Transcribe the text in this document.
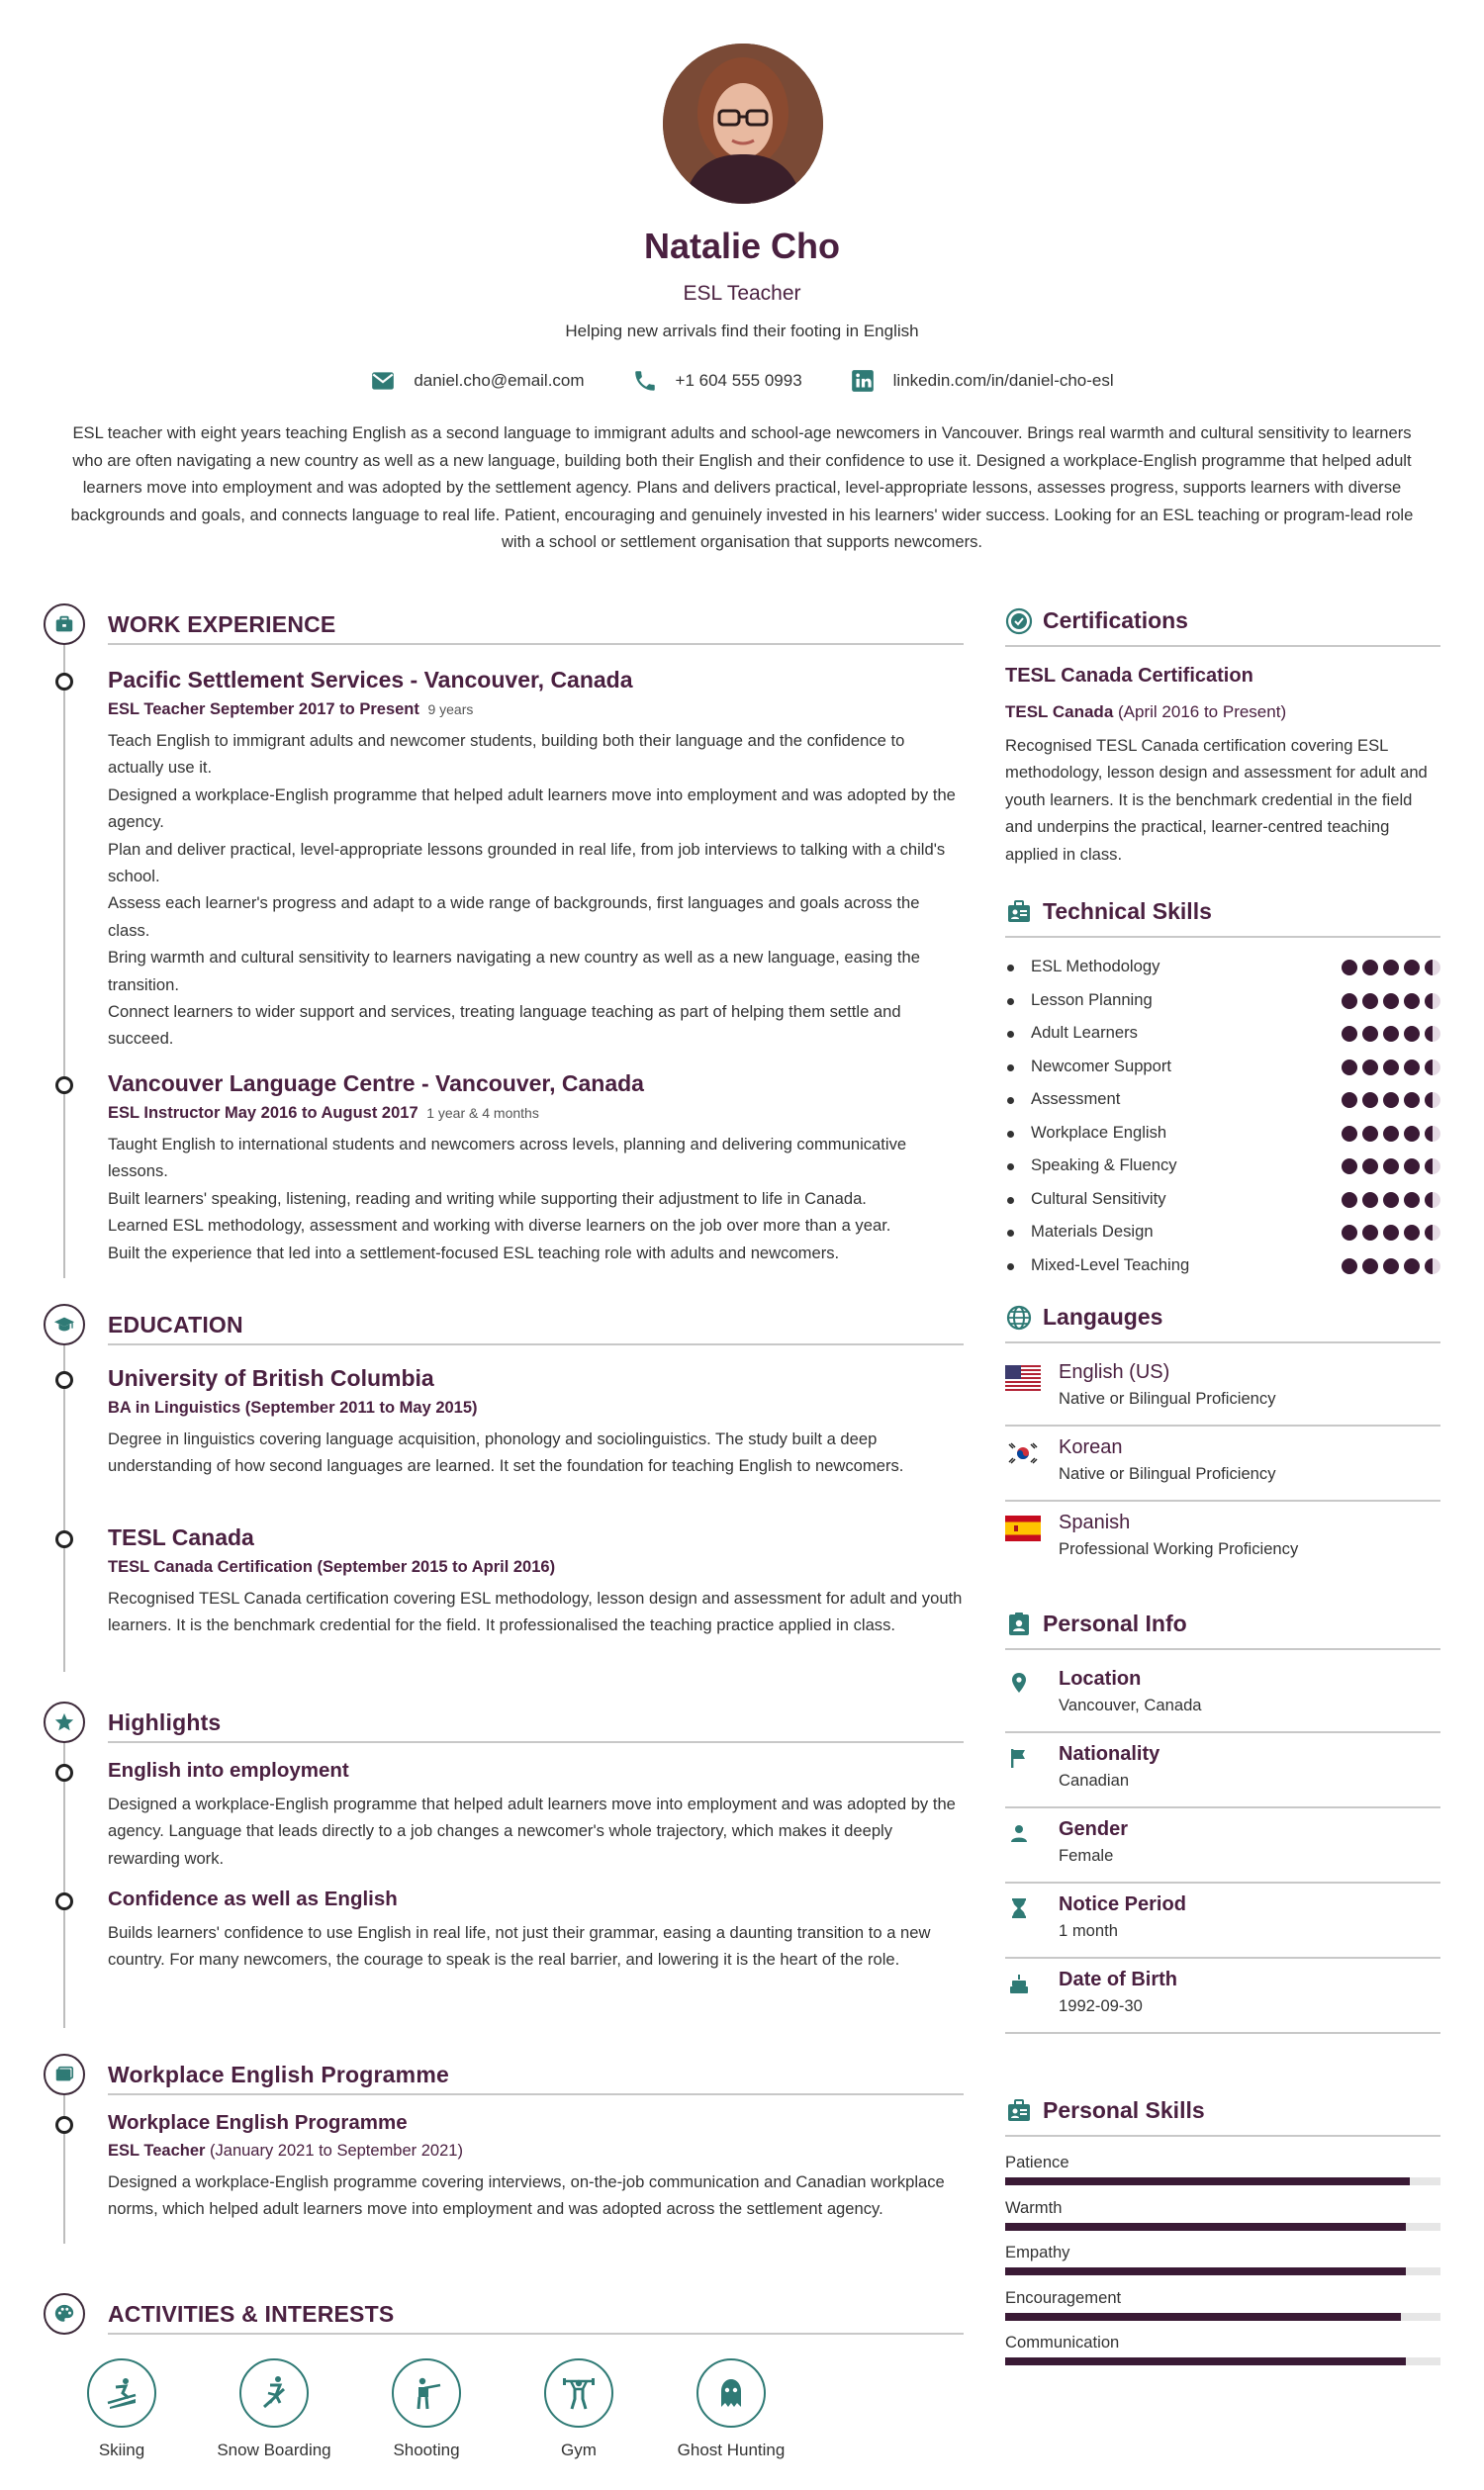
Natalie Cho
ESL Teacher
Helping new arrivals find their footing in English
daniel.cho@email.com	+1 604 555 0993	linkedin.com/in/daniel-cho-esl
ESL teacher with eight years teaching English as a second language to immigrant adults and school-age newcomers in Vancouver. Brings real warmth and cultural sensitivity to learners who are often navigating a new country as well as a new language, building both their English and their confidence to use it. Designed a workplace-English programme that helped adult learners move into employment and was adopted by the settlement agency. Plans and delivers practical, level-appropriate lessons, assesses progress, supports learners with diverse backgrounds and goals, and connects language to real life. Patient, encouraging and genuinely invested in his learners' wider success. Looking for an ESL teaching or program-lead role with a school or settlement organisation that supports newcomers.
WORK EXPERIENCE
Pacific Settlement Services - Vancouver, Canada
ESL Teacher September 2017 to Present 9 years
Teach English to immigrant adults and newcomer students, building both their language and the confidence to actually use it.
Designed a workplace-English programme that helped adult learners move into employment and was adopted by the agency.
Plan and deliver practical, level-appropriate lessons grounded in real life, from job interviews to talking with a child's school.
Assess each learner's progress and adapt to a wide range of backgrounds, first languages and goals across the class.
Bring warmth and cultural sensitivity to learners navigating a new country as well as a new language, easing the transition.
Connect learners to wider support and services, treating language teaching as part of helping them settle and succeed.
Vancouver Language Centre - Vancouver, Canada
ESL Instructor May 2016 to August 2017 1 year & 4 months
Taught English to international students and newcomers across levels, planning and delivering communicative lessons.
Built learners' speaking, listening, reading and writing while supporting their adjustment to life in Canada.
Learned ESL methodology, assessment and working with diverse learners on the job over more than a year.
Built the experience that led into a settlement-focused ESL teaching role with adults and newcomers.
EDUCATION
University of British Columbia
BA in Linguistics (September 2011 to May 2015)
Degree in linguistics covering language acquisition, phonology and sociolinguistics. The study built a deep understanding of how second languages are learned. It set the foundation for teaching English to newcomers.
TESL Canada
TESL Canada Certification (September 2015 to April 2016)
Recognised TESL Canada certification covering ESL methodology, lesson design and assessment for adult and youth learners. It is the benchmark credential for the field. It professionalised the teaching practice applied in class.
Highlights
English into employment
Designed a workplace-English programme that helped adult learners move into employment and was adopted by the agency. Language that leads directly to a job changes a newcomer's whole trajectory, which makes it deeply rewarding work.
Confidence as well as English
Builds learners' confidence to use English in real life, not just their grammar, easing a daunting transition to a new country. For many newcomers, the courage to speak is the real barrier, and lowering it is the heart of the role.
Workplace English Programme
Workplace English Programme
ESL Teacher (January 2021 to September 2021)
Designed a workplace-English programme covering interviews, on-the-job communication and Canadian workplace norms, which helped adult learners move into employment and was adopted across the settlement agency.
ACTIVITIES & INTERESTS
Skiing	Snow Boarding	Shooting	Gym	Ghost Hunting
Certifications
TESL Canada Certification
TESL Canada (April 2016 to Present)
Recognised TESL Canada certification covering ESL methodology, lesson design and assessment for adult and youth learners. It is the benchmark credential in the field and underpins the practical, learner-centred teaching applied in class.
Technical Skills
ESL Methodology
Lesson Planning
Adult Learners
Newcomer Support
Assessment
Workplace English
Speaking & Fluency
Cultural Sensitivity
Materials Design
Mixed-Level Teaching
Langauges
English (US)
Native or Bilingual Proficiency
Korean
Native or Bilingual Proficiency
Spanish
Professional Working Proficiency
Personal Info
Location
Vancouver, Canada
Nationality
Canadian
Gender
Female
Notice Period
1 month
Date of Birth
1992-09-30
Personal Skills
Patience
Warmth
Empathy
Encouragement
Communication
